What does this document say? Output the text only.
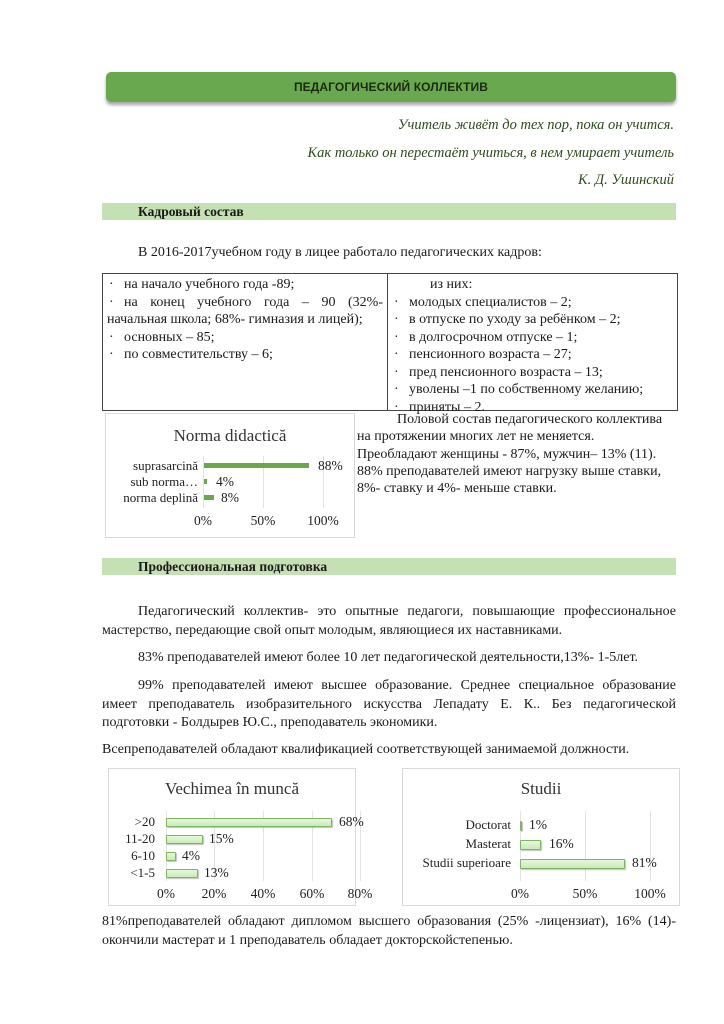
ПЕДАГОГИЧЕСКИЙ КОЛЛЕКТИВ
Учитель живёт до тех пор, пока он учится.
Как только он перестаёт учиться, в нем умирает учитель
К. Д. Ушинский
Кадровый состав
В 2016-2017учебном году в лицее работало педагогических кадров:
· на начало учебного года -89;
· на конец учебного года – 90 (32%- начальная школа; 68%- гимназия и лицей);
· основных – 85;
· по совместительству – 6;
из них:
· молодых специалистов – 2;
· в отпуске по уходу за ребёнком – 2;
· в долгосрочном отпуске – 1;
· пенсионного возраста – 27;
· пред пенсионного возраста – 13;
· уволены –1 по собственному желанию;
· приняты – 2.
Norma didactică
suprasarcină	88%
sub norma… 4%
norma deplină 8%
0%	50% 100%
Половой состав педагогического коллектива на протяжении многих лет не меняется. Преобладают женщины - 87%, мужчин– 13% (11).
88% преподавателей имеют нагрузку выше ставки, 8%- ставку и 4%- меньше ставки.
Профессиональная подготовка
Педагогический коллектив- это опытные педагоги, повышающие профессиональное мастерство, передающие свой опыт молодым, являющиеся их наставниками.
83% преподавателей имеют более 10 лет педагогической деятельности,13%- 1-5лет.
99% преподавателей имеют высшее образование. Среднее специальное образование имеет преподаватель изобразительного искусства Лепадату Е. К.. Без педагогической подготовки - Болдырев Ю.С., преподаватель экономики.
Всепреподавателей обладают квалификацией соответствующей занимаемой должности.
Vechimea în muncă
>20	68%
11-20	15%
6-10 4%
<1-5	13%
0% 20% 40% 60% 80%
Studii
Doctorat 1%
Masterat	16%
Studii superioare	81%
0%	50%	100%
81%преподавателей обладают дипломом высшего образования (25% -лицензиат), 16% (14)- окончили мастерат и 1 преподаватель обладает докторскойстепенью.
